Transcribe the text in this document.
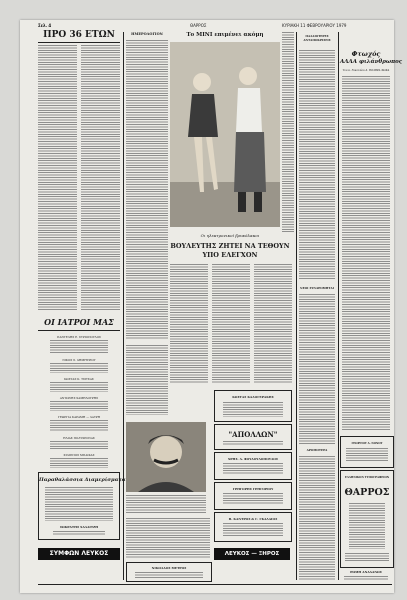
Σελ. 4	ΘΑΡΡΟΣ	ΚΥΡΙΑΚΗ 11 ΦΕΒΡΟΥΑΡΙΟΥ 1979
ΠΡΟ 36 ΕΤΩΝ
ΟΙ ΙΑΤΡΟΙ ΜΑΣ
ΠΑΝΤΕΛΗΣ Ε. ΣΥΡΙΟΠΟΥΛΟΣ
ΝΙΚΟΣ Σ. ΔΗΜΗΤΡΙΟΥ
ΚΩΣΤΑΣ Κ. ΤΣΙΤΣΑΣ
ΑΝΤΩΝΗΣ ΧΑΜΗΛΟΥΡΗΣ
ΓΕΩΡΓΙΑ ΚΑΡΑΜΗ — ΛΑΥΡΗ
ΗΛΙΑΣ ΠΟΛΥΧΡΟΝΑΣ
ΦΙΛΙΠΠΟΣ ΜΠΑΙΚΑΣ
Παραθαλάσσια Διαμερίσματα
ΣΩΚΡΑΤΗΣ ΧΑΛΑΙΤΖΗ
ΣΥΜΦΩΝ ΛΕΥΚΟΣ
ΗΜΕΡΟΛΟΓΙΟΝ	Το ΜΙΝΙ επιμένει ακόμη
Οι ηλεκτρονικοί βρυκόλακοι
ΒΟΥΛΕΥΤΗΣ ΖΗΤΕΙ ΝΑ ΤΕΘΟΥΝ ΥΠΟ ΕΛΕΓΧΟΝ
ΚΩΣΤΑΣ ΚΑΛΟΓΕΡΑΚΗΣ
"ΑΠΟΛΛΩΝ"
ΧΡΗΣ. Δ. ΦΟΥΔΟΥΛΟΠΟΥΛΟΣ
ΓΡΗΓΟΡΗΣ ΓΡΗΓΟΡΙΟΥ
Β. ΚΑΝΤΡΟΣ & Γ. ΓΚΑΛΑΙΟΣ
ΝΙΚΟΛΑΟΣ ΜΕΤΡΟΣ
ΛΕΥΚΟΣ — ΞΗΡΟΣ
ΠΑΛΑΙΟΤΕΡΕΣ ΑΝΤΑΠΟΚΡΙΣΕΙΣ
ΝΕΟΙ ΣΥΝΔΡΟΜΗΤΑΙ
ΑΡΟΜΟΤΕΡΑ
Φτωχός
ΑΛΛΑ φιλάνθρωπος
Του κ. Νικολάου Δ. ΒΟΛΒΡΑ ΦΩΚΑ
ΓΕΩΡΓΙΟΥ Δ. ΝΟΝΟΥ
ΕΛΛΗΝΙΚΟΝ ΤΥΠΟΓΡΑΦΕΙΟΝ
ΘΑΡΡΟΣ
ΡΩΜΗ ΑΝΑΔΑΝΩΣ
